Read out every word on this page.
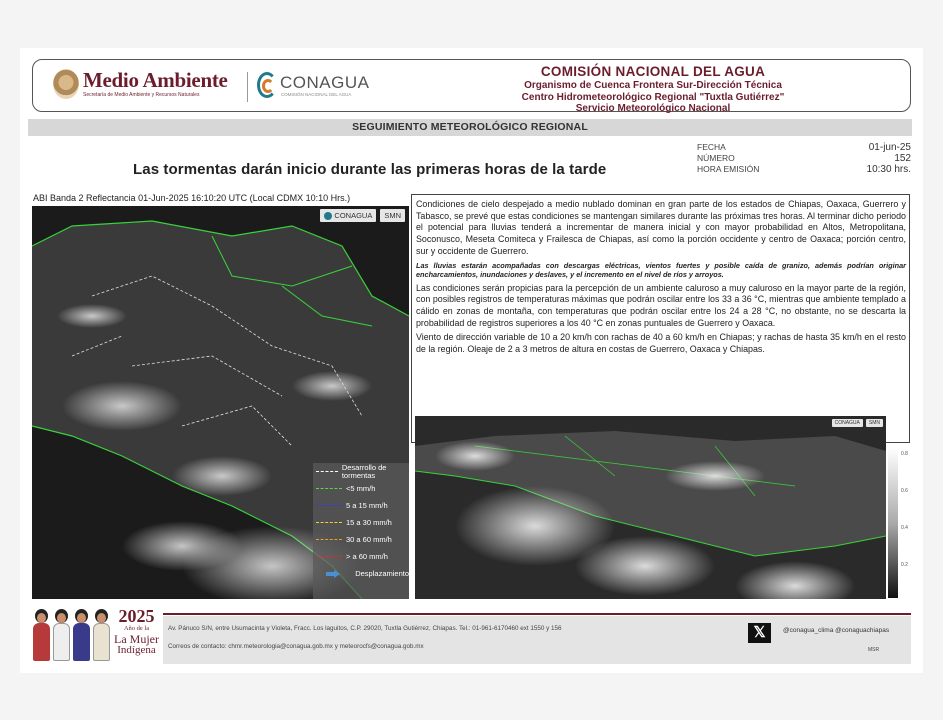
Medio Ambiente
Secretaría de Medio Ambiente y Recursos Naturales
CONAGUA
COMISIÓN NACIONAL DEL AGUA
COMISIÓN NACIONAL DEL AGUA
Organismo de Cuenca Frontera Sur-Dirección Técnica
Centro Hidrometeorológico Regional "Tuxtla Gutiérrez"
Servicio Meteorológico Nacional
SEGUIMIENTO METEOROLÓGICO REGIONAL
Las tormentas darán inicio durante las primeras horas de la tarde
FECHA	01-jun-25
NÚMERO	152
HORA EMISIÓN	10:30 hrs.
ABI Banda 2 Reflectancia 01-Jun-2025 16:10:20 UTC (Local CDMX 10:10 Hrs.)
CONAGUA SMN
Desarrollo de tormentas
<5 mm/h
5 a 15 mm/h
15 a 30 mm/h
30 a 60 mm/h
> a 60 mm/h
Desplazamiento

Condiciones de cielo despejado a medio nublado dominan en gran parte de los estados de Chiapas, Oaxaca, Guerrero y Tabasco, se prevé que estas condiciones se mantengan similares durante las próximas tres horas. Al terminar dicho periodo el potencial para lluvias tenderá a incrementar de manera inicial y con mayor probabilidad en Altos, Metropolitana, Soconusco, Meseta Comiteca y Frailesca de Chiapas, así como la porción occidente y centro de Oaxaca; porción centro, sur y occidente de Guerrero.

Las lluvias estarán acompañadas con descargas eléctricas, vientos fuertes y posible caída de granizo, además podrían originar encharcamientos, inundaciones y deslaves, y el incremento en el nivel de ríos y arroyos.

Las condiciones serán propicias para la percepción de un ambiente caluroso a muy caluroso en la mayor parte de la región, con posibles registros de temperaturas máximas que podrán oscilar entre los 33 a 36 °C, mientras que ambiente templado a cálido en zonas de montaña, con temperaturas que podrán oscilar entre los 24 a 28 °C, no obstante, no se descarta la probabilidad de registros superiores a los 40 °C en zonas puntuales de Guerrero y Oaxaca.

Viento de dirección variable de 10 a 20 km/h con rachas de 40 a 60 km/h en Chiapas; y rachas de hasta 35 km/h en el resto de la región. Oleaje de 2 a 3 metros de altura en costas de Guerrero, Oaxaca y Chiapas.

CONAGUA SMN
0.8
0.6
0.4
0.2
2025
Año de la
La Mujer
Indígena
Av. Pánuco S/N, entre Usumacinta y Violeta, Fracc. Los laguitos, C.P. 29020, Tuxtla Gutiérrez, Chiapas. Tel.: 01-961-6170460 ext 1550 y 156
Correos de contacto: chmr.meteorologia@conagua.gob.mx y meteorocfs@conagua.gob.mx
𝕏	@conagua_clima @conaguachiapas
MSR
